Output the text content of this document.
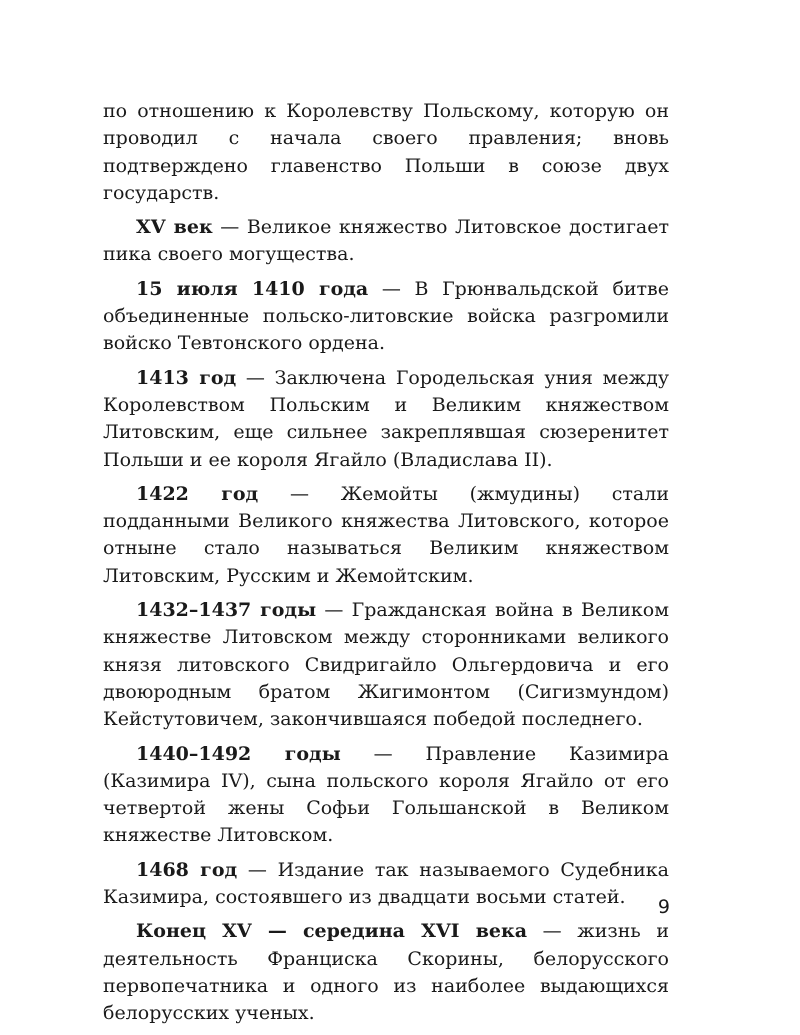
по отношению к Королевству Польскому, которую он проводил с начала своего правления; вновь подтверждено главенство Польши в союзе двух государств.

XV век — Великое княжество Литовское достигает пика своего могущества.

15 июля 1410 года — В Грюнвальдской битве объединенные польско-литовские войска разгромили войско Тевтонского ордена.

1413 год — Заключена Городельская уния между Королевством Польским и Великим княжеством Литовским, еще сильнее закреплявшая сюзеренитет Польши и ее короля Ягайло (Владислава II).

1422 год — Жемойты (жмудины) стали подданными Великого княжества Литовского, которое отныне стало называться Великим княжеством Литовским, Русским и Жемойтским.

1432–1437 годы — Гражданская война в Великом княжестве Литовском между сторонниками великого князя литовского Свидригайло Ольгердовича и его двоюродным братом Жигимонтом (Сигизмундом) Кейстутовичем, закончившаяся победой последнего.

1440–1492 годы — Правление Казимира (Казимира IV), сына польского короля Ягайло от его четвертой жены Софьи Гольшанской в Великом княжестве Литовском.

1468 год — Издание так называемого Судебника Казимира, состоявшего из двадцати восьми статей.

Конец XV — середина XVI века — жизнь и деятельность Франциска Скорины, белорусского первопечатника и одного из наиболее выдающихся белорусских ученых.

9
